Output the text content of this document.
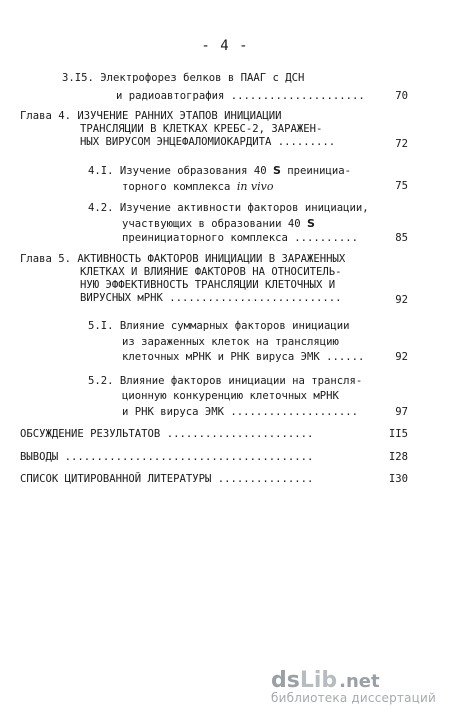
- 4 -
3.I5. Электрофорез белков в ПААГ с ДСН
и радиоавтография .....................	70
Глава 4. ИЗУЧЕНИЕ РАННИХ ЭТАПОВ ИНИЦИАЦИИ
ТРАНСЛЯЦИИ В КЛЕТКАХ КРЕБС-2, ЗАРАЖЕН-
НЫХ ВИРУСОМ ЭНЦЕФАЛОМИОКАРДИТА .........	72
4.I. Изучение образования 40 S преинициа-
торного комплекса in vivo	75
4.2. Изучение активности факторов инициации,
участвующих в образовании 40 S
преинициаторного комплекса ..........	85
Глава 5. АКТИВНОСТЬ ФАКТОРОВ ИНИЦИАЦИИ В ЗАРАЖЕННЫХ
КЛЕТКАХ И ВЛИЯНИЕ ФАКТОРОВ НА ОТНОСИТЕЛЬ-
НУЮ ЭФФЕКТИВНОСТЬ ТРАНСЛЯЦИИ КЛЕТОЧНЫХ И
ВИРУСНЫХ мРНК ...........................	92
5.I. Влияние суммарных факторов инициации
из зараженных клеток на трансляцию
клеточных мРНК и РНК вируса ЭМК ......	92
5.2. Влияние факторов инициации на трансля-
ционную конкуренцию клеточных мРНК
и РНК вируса ЭМК ....................	97
ОБСУЖДЕНИЕ РЕЗУЛЬТАТОВ .......................	II5
ВЫВОДЫ .......................................	I28
СПИСОК ЦИТИРОВАННОЙ ЛИТЕРАТУРЫ ...............	I30
ds Lib .net
библиотека диссертаций
